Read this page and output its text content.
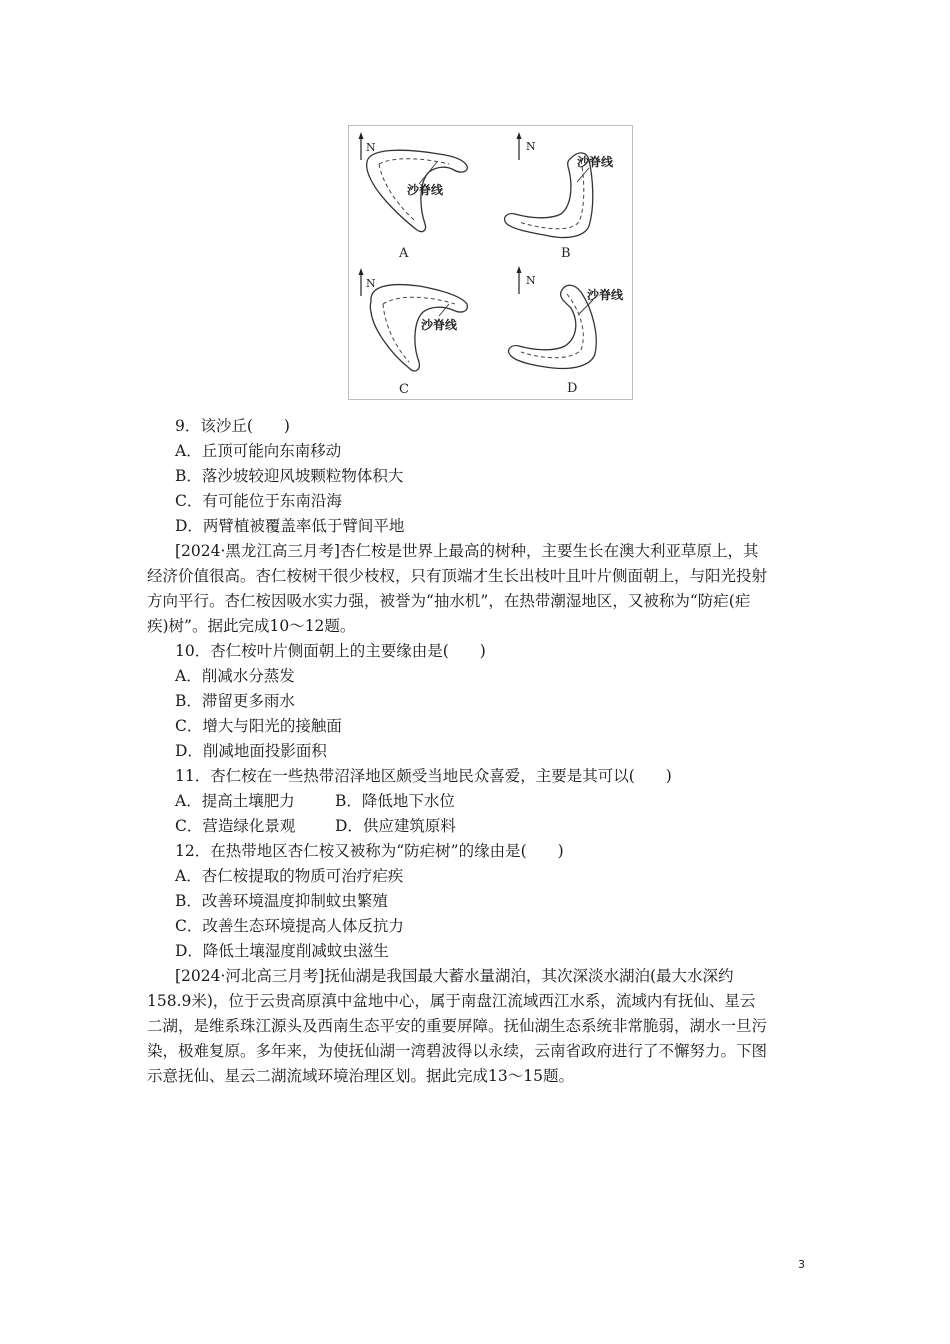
N
沙脊线
A
N
沙脊线
B
N
沙脊线
C
N
沙脊线
D
9．该沙丘(　　)
A．丘顶可能向东南移动
B．落沙坡较迎风坡颗粒物体积大
C．有可能位于东南沿海
D．两臂植被覆盖率低于臂间平地
[2024·黑龙江高三月考]杏仁桉是世界上最高的树种，主要生长在澳大利亚草原上，其
经济价值很高。杏仁桉树干很少枝杈，只有顶端才生长出枝叶且叶片侧面朝上，与阳光投射
方向平行。杏仁桉因吸水实力强，被誉为“抽水机”，在热带潮湿地区，又被称为“防疟(疟
疾)树”。据此完成10～12题。
10．杏仁桉叶片侧面朝上的主要缘由是(　　)
A．削减水分蒸发
B．滞留更多雨水
C．增大与阳光的接触面
D．削减地面投影面积
11．杏仁桉在一些热带沼泽地区颇受当地民众喜爱，主要是其可以(　　)
A．提高土壤肥力	B．降低地下水位
C．营造绿化景观	D．供应建筑原料
12．在热带地区杏仁桉又被称为“防疟树”的缘由是(　　)
A．杏仁桉提取的物质可治疗疟疾
B．改善环境温度抑制蚊虫繁殖
C．改善生态环境提高人体反抗力
D．降低土壤湿度削减蚊虫滋生
[2024·河北高三月考]抚仙湖是我国最大蓄水量湖泊，其次深淡水湖泊(最大水深约
158.9米)，位于云贵高原滇中盆地中心，属于南盘江流域西江水系，流域内有抚仙、星云
二湖，是维系珠江源头及西南生态平安的重要屏障。抚仙湖生态系统非常脆弱，湖水一旦污
染，极难复原。多年来，为使抚仙湖一湾碧波得以永续，云南省政府进行了不懈努力。下图
示意抚仙、星云二湖流域环境治理区划。据此完成13～15题。
3
